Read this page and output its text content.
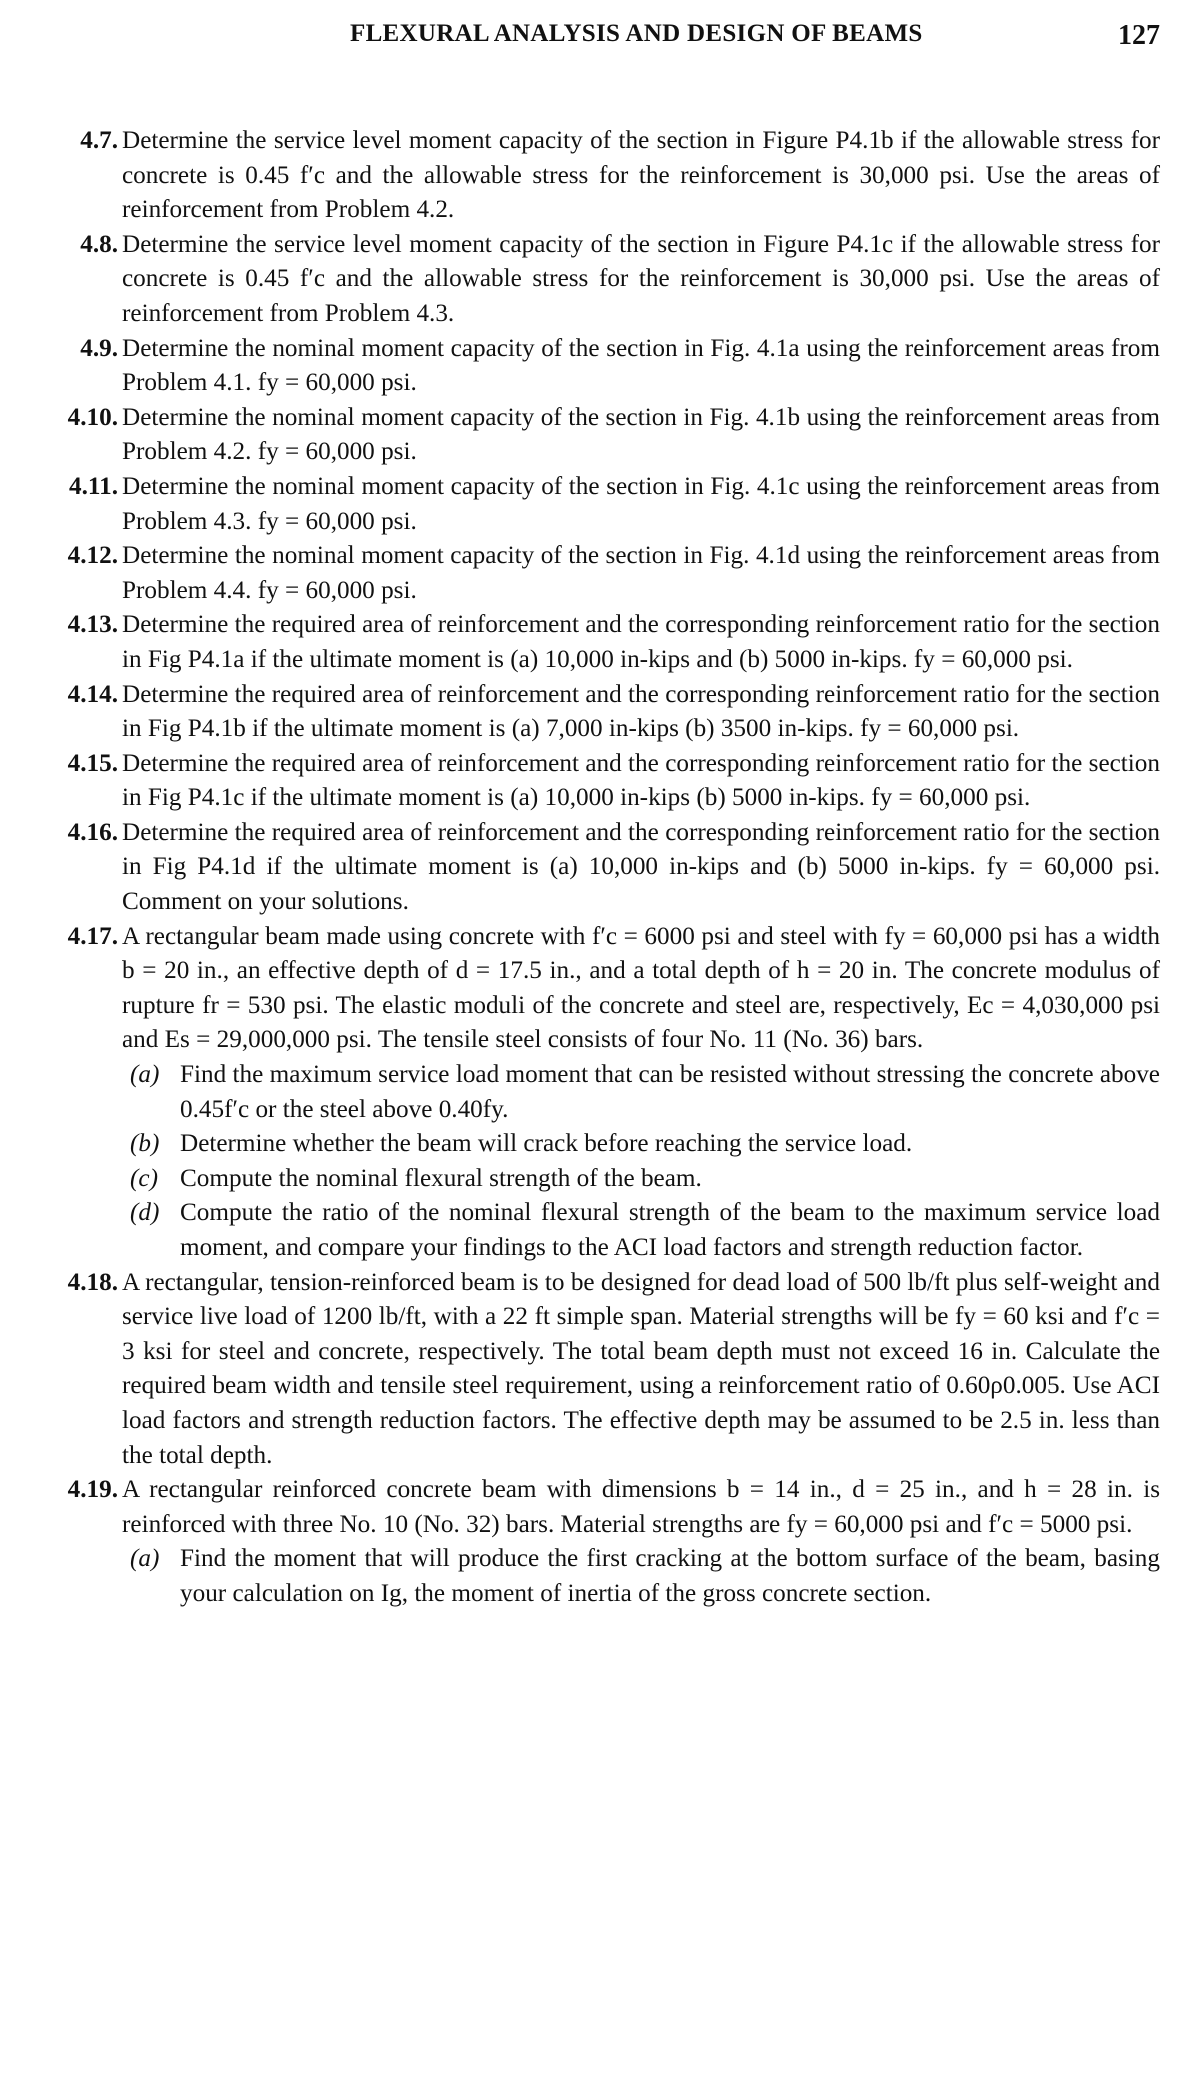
FLEXURAL ANALYSIS AND DESIGN OF BEAMS	127
4.7. Determine the service level moment capacity of the section in Figure P4.1b if the allowable stress for concrete is 0.45 f′c and the allowable stress for the reinforcement is 30,000 psi. Use the areas of reinforcement from Problem 4.2.
4.8. Determine the service level moment capacity of the section in Figure P4.1c if the allowable stress for concrete is 0.45 f′c and the allowable stress for the reinforcement is 30,000 psi. Use the areas of reinforcement from Problem 4.3.
4.9. Determine the nominal moment capacity of the section in Fig. 4.1a using the reinforcement areas from Problem 4.1. fy = 60,000 psi.
4.10. Determine the nominal moment capacity of the section in Fig. 4.1b using the reinforcement areas from Problem 4.2. fy = 60,000 psi.
4.11. Determine the nominal moment capacity of the section in Fig. 4.1c using the reinforcement areas from Problem 4.3. fy = 60,000 psi.
4.12. Determine the nominal moment capacity of the section in Fig. 4.1d using the reinforcement areas from Problem 4.4. fy = 60,000 psi.
4.13. Determine the required area of reinforcement and the corresponding reinforcement ratio for the section in Fig P4.1a if the ultimate moment is (a) 10,000 in-kips and (b) 5000 in-kips. fy = 60,000 psi.
4.14. Determine the required area of reinforcement and the corresponding reinforcement ratio for the section in Fig P4.1b if the ultimate moment is (a) 7,000 in-kips (b) 3500 in-kips. fy = 60,000 psi.
4.15. Determine the required area of reinforcement and the corresponding reinforcement ratio for the section in Fig P4.1c if the ultimate moment is (a) 10,000 in-kips (b) 5000 in-kips. fy = 60,000 psi.
4.16. Determine the required area of reinforcement and the corresponding reinforcement ratio for the section in Fig P4.1d if the ultimate moment is (a) 10,000 in-kips and (b) 5000 in-kips. fy = 60,000 psi. Comment on your solutions.
4.17. A rectangular beam made using concrete with f′c = 6000 psi and steel with fy = 60,000 psi has a width b = 20 in., an effective depth of d = 17.5 in., and a total depth of h = 20 in. The concrete modulus of rupture fr = 530 psi. The elastic moduli of the concrete and steel are, respectively, Ec = 4,030,000 psi and Es = 29,000,000 psi. The tensile steel consists of four No. 11 (No. 36) bars.
(a) Find the maximum service load moment that can be resisted without stressing the concrete above 0.45f′c or the steel above 0.40fy.
(b) Determine whether the beam will crack before reaching the service load.
(c) Compute the nominal flexural strength of the beam.
(d) Compute the ratio of the nominal flexural strength of the beam to the maximum service load moment, and compare your findings to the ACI load factors and strength reduction factor.
4.18. A rectangular, tension-reinforced beam is to be designed for dead load of 500 lb/ft plus self-weight and service live load of 1200 lb/ft, with a 22 ft simple span. Material strengths will be fy = 60 ksi and f′c = 3 ksi for steel and concrete, respectively. The total beam depth must not exceed 16 in. Calculate the required beam width and tensile steel requirement, using a reinforcement ratio of 0.60ρ0.005. Use ACI load factors and strength reduction factors. The effective depth may be assumed to be 2.5 in. less than the total depth.
4.19. A rectangular reinforced concrete beam with dimensions b = 14 in., d = 25 in., and h = 28 in. is reinforced with three No. 10 (No. 32) bars. Material strengths are fy = 60,000 psi and f′c = 5000 psi.
(a) Find the moment that will produce the first cracking at the bottom surface of the beam, basing your calculation on Ig, the moment of inertia of the gross concrete section.
